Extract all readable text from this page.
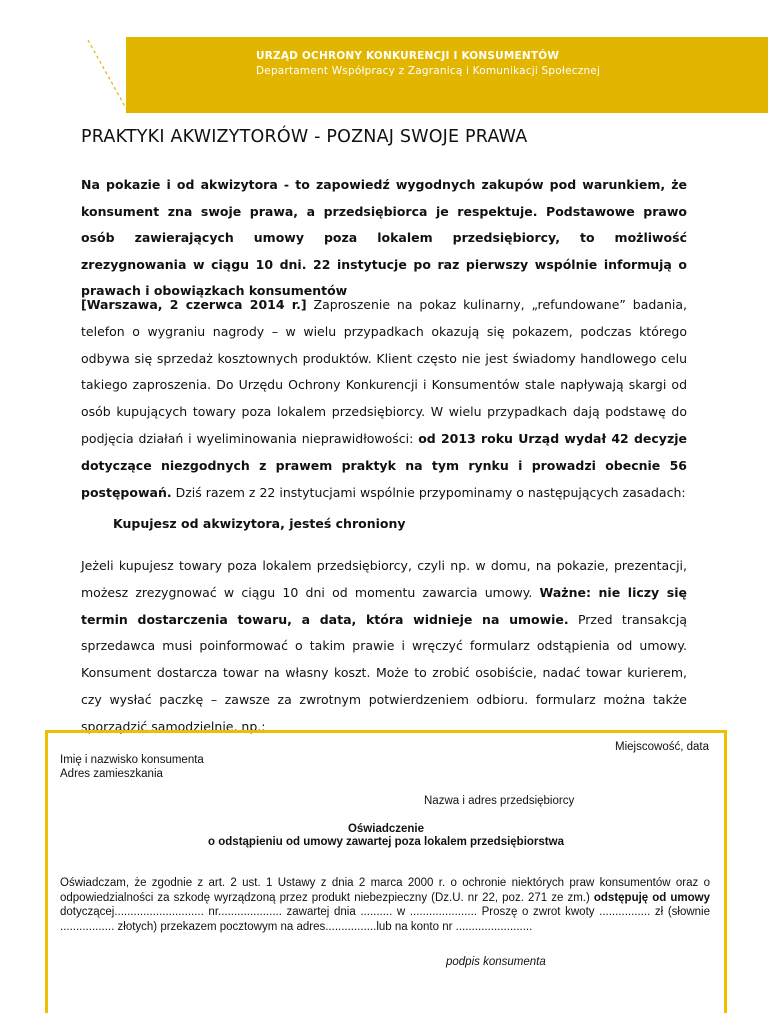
URZĄD OCHRONY KONKURENCJI I KONSUMENTÓW
Departament Współpracy z Zagranicą i Komunikacji Społecznej
PRAKTYKI AKWIZYTORÓW - POZNAJ SWOJE PRAWA
Na pokazie i od akwizytora - to zapowiedź wygodnych zakupów pod warunkiem, że konsument zna swoje prawa, a przedsiębiorca je respektuje. Podstawowe prawo osób zawierających umowy poza lokalem przedsiębiorcy, to możliwość zrezygnowania w ciągu 10 dni. 22 instytucje po raz pierwszy wspólnie informują o prawach i obowiązkach konsumentów
[Warszawa, 2 czerwca 2014 r.] Zaproszenie na pokaz kulinarny, „refundowane” badania, telefon o wygraniu nagrody – w wielu przypadkach okazują się pokazem, podczas którego odbywa się sprzedaż kosztownych produktów. Klient często nie jest świadomy handlowego celu takiego zaproszenia. Do Urzędu Ochrony Konkurencji i Konsumentów stale napływają skargi od osób kupujących towary poza lokalem przedsiębiorcy. W wielu przypadkach dają podstawę do podjęcia działań i wyeliminowania nieprawidłowości: od 2013 roku Urząd wydał 42 decyzje dotyczące niezgodnych z prawem praktyk na tym rynku i prowadzi obecnie 56 postępowań. Dziś razem z 22 instytucjami wspólnie przypominamy o następujących zasadach:
Kupujesz od akwizytora, jesteś chroniony
Jeżeli kupujesz towary poza lokalem przedsiębiorcy, czyli np. w domu, na pokazie, prezentacji, możesz zrezygnować w ciągu 10 dni od momentu zawarcia umowy. Ważne: nie liczy się termin dostarczenia towaru, a data, która widnieje na umowie. Przed transakcją sprzedawca musi poinformować o takim prawie i wręczyć formularz odstąpienia od umowy. Konsument dostarcza towar na własny koszt. Może to zrobić osobiście, nadać towar kurierem, czy wysłać paczkę – zawsze za zwrotnym potwierdzeniem odbioru. formularz można także sporządzić samodzielnie, np.:
Miejscowość, data
Imię i nazwisko konsumenta
Adres zamieszkania
Nazwa i adres przedsiębiorcy
Oświadczenie
o odstąpieniu od umowy zawartej poza lokalem przedsiębiorstwa
Oświadczam, że zgodnie z art. 2 ust. 1 Ustawy z dnia 2 marca 2000 r. o ochronie niektórych praw konsumentów oraz o odpowiedzialności za szkodę wyrządzoną przez produkt niebezpieczny (Dz.U. nr 22, poz. 271 ze zm.) odstępuję od umowy dotyczącej............................ nr.................... zawartej dnia .......... w ..................... Proszę o zwrot kwoty ................ zł (słownie ................. złotych) przekazem pocztowym na adres................lub na konto nr ........................
podpis konsumenta
